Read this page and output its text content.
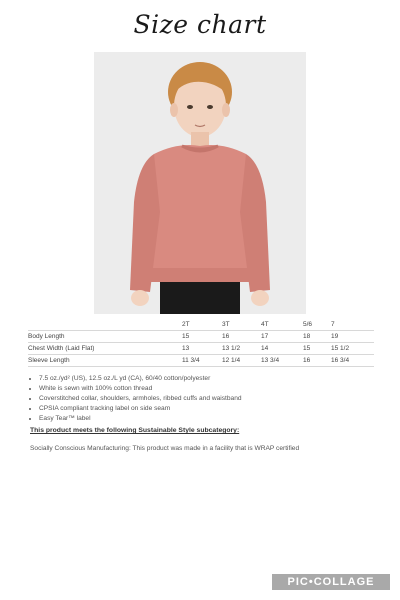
Size chart
	2T	3T	4T	5/6	7
Body Length	15	16	17	18	19
Chest Width (Laid Flat)	13	13 1/2	14	15	15 1/2
Sleeve Length	11 3/4	12 1/4	13 3/4	16	16 3/4
• 7.5 oz./yd² (US), 12.5 oz./L yd (CA), 60/40 cotton/polyester
• White is sewn with 100% cotton thread
• Coverstitched collar, shoulders, armholes, ribbed cuffs and waistband
• CPSIA compliant tracking label on side seam
• Easy Tear™ label
This product meets the following Sustainable Style subcategory:
Socially Conscious Manufacturing: This product was made in a facility that is WRAP certified
PIC•COLLAGE
